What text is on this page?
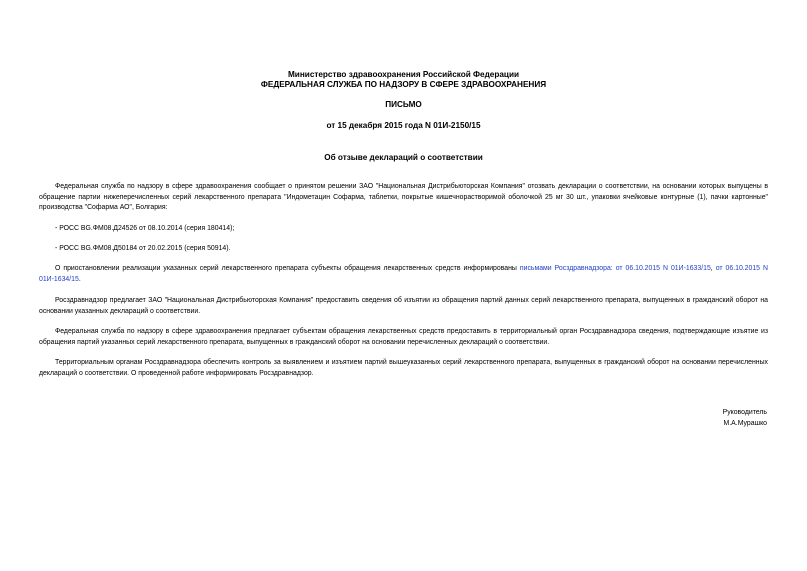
Министерство здравоохранения Российской Федерации
ФЕДЕРАЛЬНАЯ СЛУЖБА ПО НАДЗОРУ В СФЕРЕ ЗДРАВООХРАНЕНИЯ
ПИСЬМО
от 15 декабря 2015 года N 01И-2150/15
Об отзыве деклараций о соответствии

Федеральная служба по надзору в сфере здравоохранения сообщает о принятом решении ЗАО "Национальная Дистрибьюторская Компания" отозвать декларации о соответствии, на основании которых выпущены в обращение партии нижеперечисленных серий лекарственного препарата "Индометацин Софарма, таблетки, покрытые кишечнорастворимой оболочкой 25 мг 30 шт., упаковки ячейковые контурные (1), пачки картонные" производства "Софарма АО", Болгария:

- РОСС BG.ФМ08.Д24526 от 08.10.2014 (серия 180414);

- РОСС BG.ФМ08.Д50184 от 20.02.2015 (серия 50914).

О приостановлении реализации указанных серий лекарственного препарата субъекты обращения лекарственных средств информированы письмами Росздравнадзора: от 06.10.2015 N 01И-1633/15, от 06.10.2015 N 01И-1634/15.

Росздравнадзор предлагает ЗАО "Национальная Дистрибьюторская Компания" предоставить сведения об изъятии из обращения партий данных серий лекарственного препарата, выпущенных в гражданский оборот на основании указанных деклараций о соответствии.

Федеральная служба по надзору в сфере здравоохранения предлагает субъектам обращения лекарственных средств предоставить в территориальный орган Росздравнадзора сведения, подтверждающие изъятие из обращения партий указанных серий лекарственного препарата, выпущенных в гражданский оборот на основании перечисленных деклараций о соответствии.

Территориальным органам Росздравнадзора обеспечить контроль за выявлением и изъятием партий вышеуказанных серий лекарственного препарата, выпущенных в гражданский оборот на основании перечисленных деклараций о соответствии. О проведенной работе информировать Росздравнадзор.

Руководитель
М.А.Мурашко
